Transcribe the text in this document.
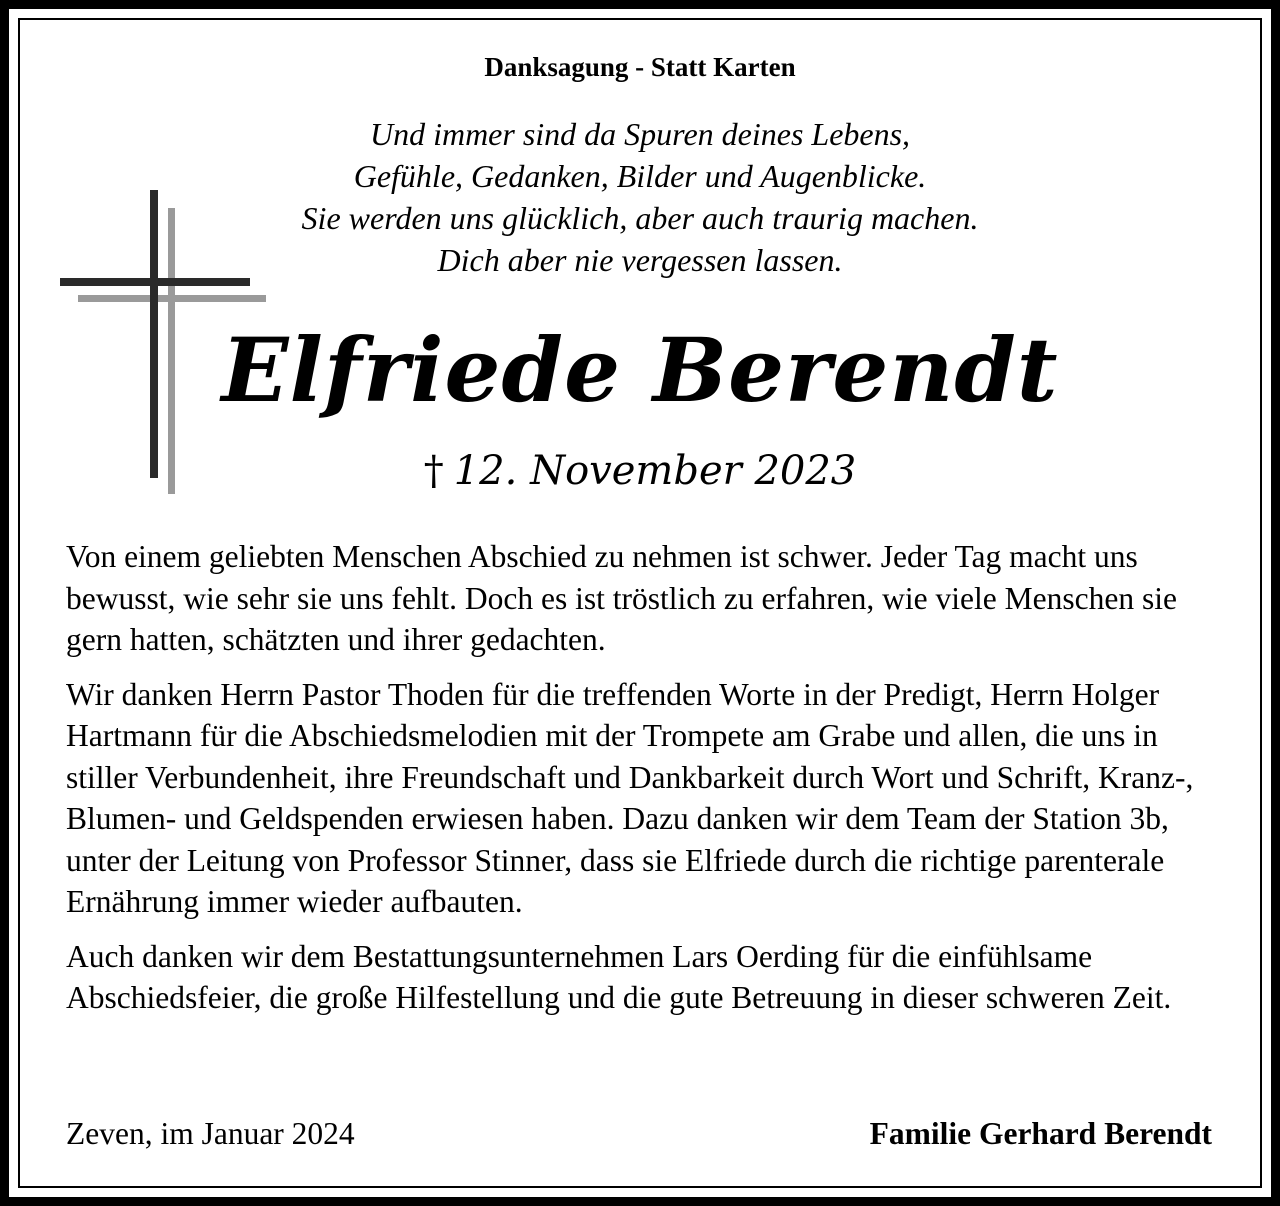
Danksagung - Statt Karten
Und immer sind da Spuren deines Lebens,
Gefühle, Gedanken, Bilder und Augenblicke.
Sie werden uns glücklich, aber auch traurig machen.
Dich aber nie vergessen lassen.
Elfriede Berendt
† 12. November 2023

Von einem geliebten Menschen Abschied zu nehmen ist schwer. Jeder Tag macht uns bewusst, wie sehr sie uns fehlt. Doch es ist tröstlich zu erfahren, wie viele Menschen sie gern hatten, schätzten und ihrer gedachten.

Wir danken Herrn Pastor Thoden für die treffenden Worte in der Predigt, Herrn Holger Hartmann für die Abschiedsmelodien mit der Trompete am Grabe und allen, die uns in stiller Verbundenheit, ihre Freundschaft und Dankbarkeit durch Wort und Schrift, Kranz-, Blumen- und Geldspenden erwiesen haben. Dazu danken wir dem Team der Station 3b, unter der Leitung von Professor Stinner, dass sie Elfriede durch die richtige parenterale Ernährung immer wieder aufbauten.

Auch danken wir dem Bestattungsunternehmen Lars Oerding für die einfühlsame Abschiedsfeier, die große Hilfestellung und die gute Betreuung in dieser schweren Zeit.

Zeven, im Januar 2024	Familie Gerhard Berendt
